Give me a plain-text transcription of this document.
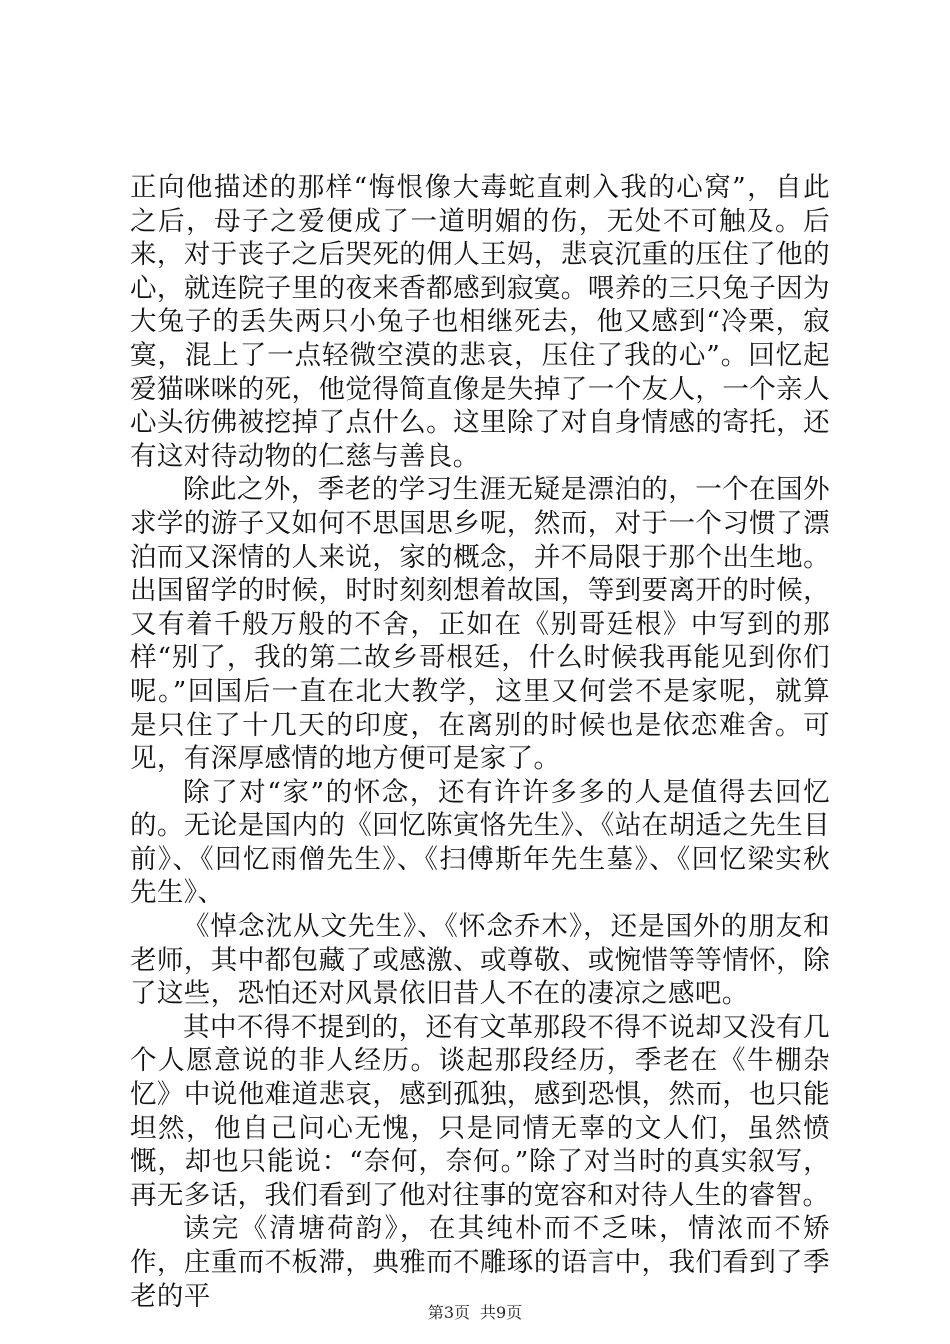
正向他描述的那样“悔恨像大毒蛇直刺入我的心窝”，自此之后，母子之爱便成了一道明媚的伤，无处不可触及。后来，对于丧子之后哭死的佣人王妈，悲哀沉重的压住了他的心，就连院子里的夜来香都感到寂寞。喂养的三只兔子因为大兔子的丢失两只小兔子也相继死去，他又感到“冷栗，寂寞，混上了一点轻微空漠的悲哀，压住了我的心”。回忆起爱猫咪咪的死，他觉得简直像是失掉了一个友人，一个亲人心头彷佛被挖掉了点什么。这里除了对自身情感的寄托，还有这对待动物的仁慈与善良。

除此之外，季老的学习生涯无疑是漂泊的，一个在国外求学的游子又如何不思国思乡呢，然而，对于一个习惯了漂泊而又深情的人来说，家的概念，并不局限于那个出生地。出国留学的时候，时时刻刻想着故国，等到要离开的时候，又有着千般万般的不舍，正如在《别哥廷根》中写到的那样“别了，我的第二故乡哥根廷，什么时候我再能见到你们呢。”回国后一直在北大教学，这里又何尝不是家呢，就算是只住了十几天的印度，在离别的时候也是依恋难舍。可见，有深厚感情的地方便可是家了。

除了对“家”的怀念，还有许许多多的人是值得去回忆的。无论是国内的《回忆陈寅恪先生》、《站在胡适之先生目前》、《回忆雨僧先生》、《扫傅斯年先生墓》、《回忆梁实秋先生》、

《悼念沈从文先生》、《怀念乔木》，还是国外的朋友和老师，其中都包藏了或感激、或尊敬、或惋惜等等情怀，除了这些，恐怕还对风景依旧昔人不在的凄凉之感吧。

其中不得不提到的，还有文革那段不得不说却又没有几个人愿意说的非人经历。谈起那段经历，季老在《牛棚杂忆》中说他难道悲哀，感到孤独，感到恐惧，然而，也只能坦然，他自己问心无愧，只是同情无辜的文人们，虽然愤慨，却也只能说：“奈何，奈何。”除了对当时的真实叙写，再无多话，我们看到了他对往事的宽容和对待人生的睿智。

读完《清塘荷韵》，在其纯朴而不乏味，情浓而不矫作，庄重而不板滞，典雅而不雕琢的语言中，我们看到了季老的平

第3页 共9页
